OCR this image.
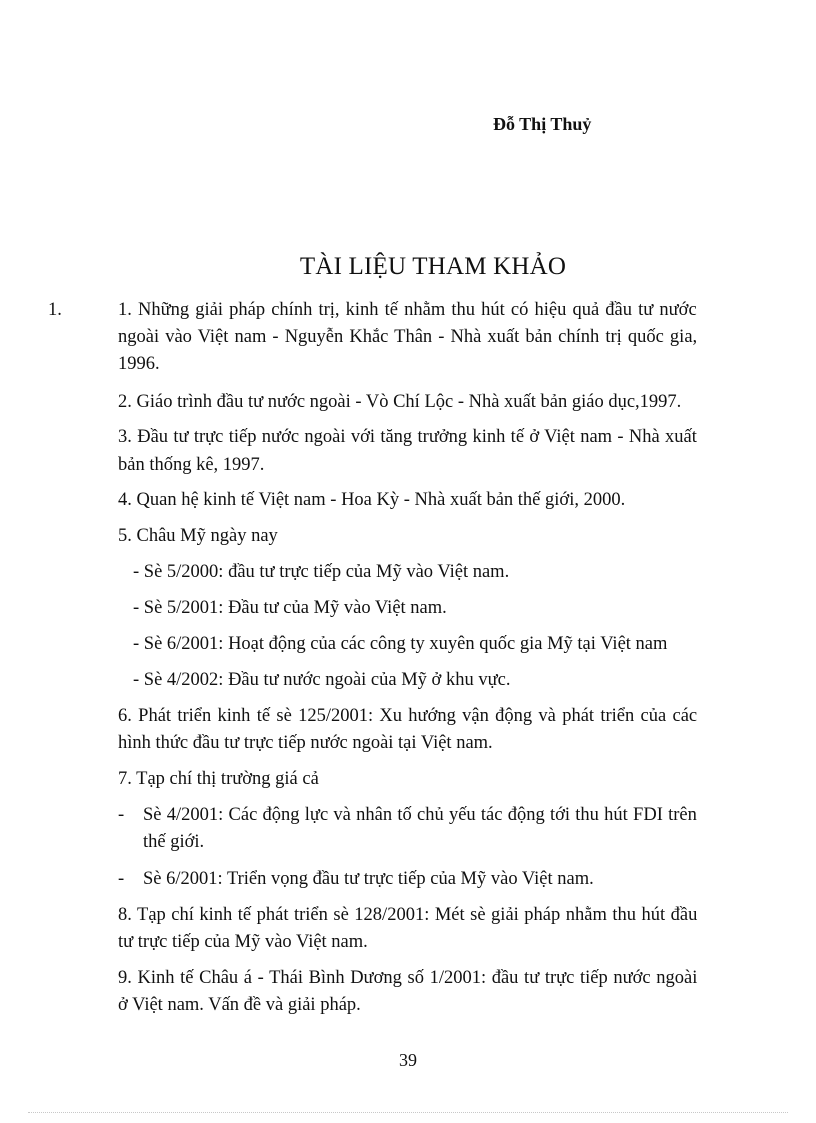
Đỗ Thị Thuỷ
TÀI LIỆU THAM KHẢO
1.	1. Những giải pháp chính trị, kinh tế nhằm thu hút có hiệu quả đầu tư nước
ngoài vào Việt nam - Nguyễn Khắc Thân - Nhà xuất bản chính trị quốc gia,
1996.
2. Giáo trình đầu tư nước ngoài - Vò Chí Lộc - Nhà xuất bản giáo dục,1997.
3. Đầu tư trực tiếp nước ngoài với tăng trưởng kinh tế ở Việt nam - Nhà xuất
bản thống kê, 1997.
4. Quan hệ kinh tế Việt nam - Hoa Kỳ - Nhà xuất bản thế giới, 2000.
5. Châu Mỹ ngày nay
- Sè 5/2000: đầu tư trực tiếp của Mỹ vào Việt nam.
- Sè 5/2001: Đầu tư của Mỹ vào Việt nam.
- Sè 6/2001: Hoạt động của các công ty xuyên quốc gia Mỹ tại Việt nam
- Sè 4/2002: Đầu tư nước ngoài của Mỹ ở khu vực.
6. Phát triển kinh tế sè 125/2001: Xu hướng vận động và phát triển của các
hình thức đầu tư trực tiếp nước ngoài tại Việt nam.
7. Tạp chí thị trường giá cả
- Sè 4/2001: Các động lực và nhân tố chủ yếu tác động tới thu hút FDI trên
thế giới.
- Sè 6/2001: Triển vọng đầu tư trực tiếp của Mỹ vào Việt nam.
8. Tạp chí kinh tế phát triển sè 128/2001: Mét sè giải pháp nhằm thu hút đầu
tư trực tiếp của Mỹ vào Việt nam.
9. Kinh tế Châu á - Thái Bình Dương số 1/2001: đầu tư trực tiếp nước ngoài
ở Việt nam. Vấn đề và giải pháp.
39
